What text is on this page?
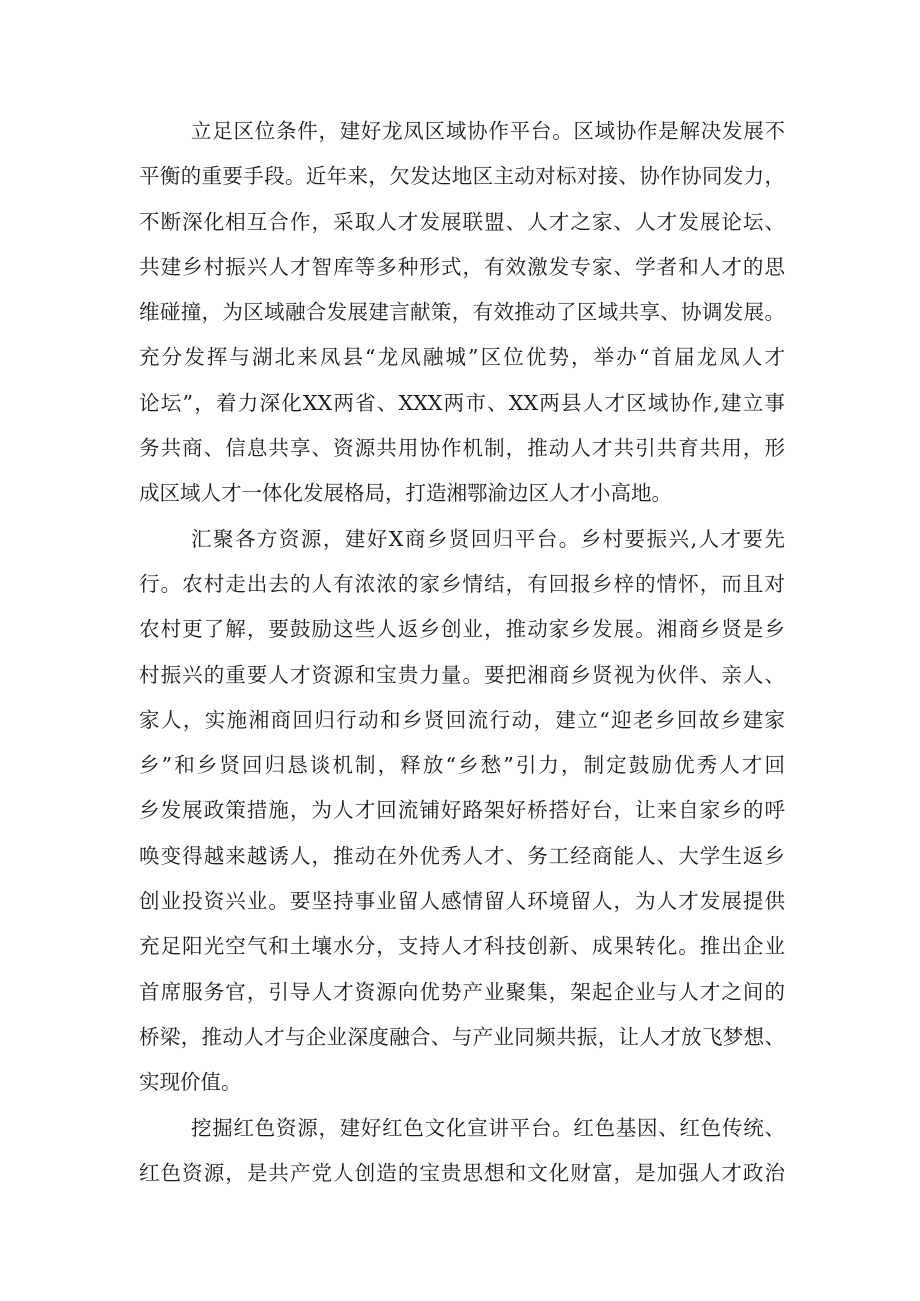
立足区位条件，建好龙凤区域协作平台。区域协作是解决发展不
平衡的重要手段。近年来，欠发达地区主动对标对接、协作协同发力，
不断深化相互合作，采取人才发展联盟、人才之家、人才发展论坛、
共建乡村振兴人才智库等多种形式，有效激发专家、学者和人才的思
维碰撞，为区域融合发展建言献策，有效推动了区域共享、协调发展。
充分发挥与湖北来凤县“龙凤融城”区位优势，举办“首届龙凤人才
论坛”，着力深化XX两省、XXX两市、XX两县人才区域协作,建立事
务共商、信息共享、资源共用协作机制，推动人才共引共育共用，形
成区域人才一体化发展格局，打造湘鄂渝边区人才小高地。
汇聚各方资源，建好X商乡贤回归平台。乡村要振兴,人才要先
行。农村走出去的人有浓浓的家乡情结，有回报乡梓的情怀，而且对
农村更了解，要鼓励这些人返乡创业，推动家乡发展。湘商乡贤是乡
村振兴的重要人才资源和宝贵力量。要把湘商乡贤视为伙伴、亲人、
家人，实施湘商回归行动和乡贤回流行动，建立“迎老乡回故乡建家
乡”和乡贤回归恳谈机制，释放“乡愁”引力，制定鼓励优秀人才回
乡发展政策措施，为人才回流铺好路架好桥搭好台，让来自家乡的呼
唤变得越来越诱人，推动在外优秀人才、务工经商能人、大学生返乡
创业投资兴业。要坚持事业留人感情留人环境留人，为人才发展提供
充足阳光空气和土壤水分，支持人才科技创新、成果转化。推出企业
首席服务官，引导人才资源向优势产业聚集，架起企业与人才之间的
桥梁，推动人才与企业深度融合、与产业同频共振，让人才放飞梦想、
实现价值。
挖掘红色资源，建好红色文化宣讲平台。红色基因、红色传统、
红色资源，是共产党人创造的宝贵思想和文化财富，是加强人才政治
